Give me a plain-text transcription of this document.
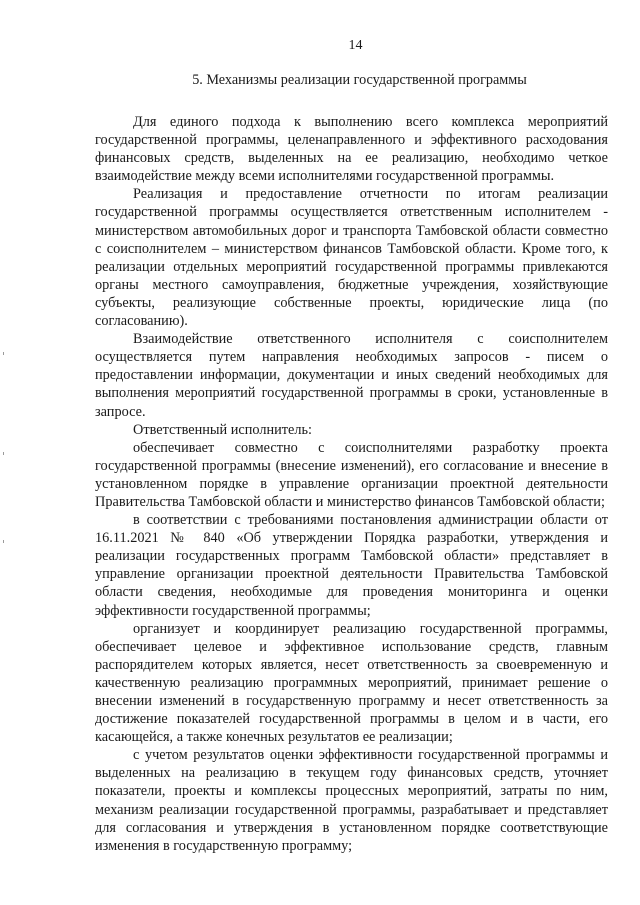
14
5. Механизмы реализации государственной программы

Для единого подхода к выполнению всего комплекса мероприятий государственной программы, целенаправленного и эффективного расходования финансовых средств, выделенных на ее реализацию, необходимо четкое взаимодействие между всеми исполнителями государственной программы.

Реализация и предоставление отчетности по итогам реализации государственной программы осуществляется ответственным исполнителем - министерством автомобильных дорог и транспорта Тамбовской области совместно с соисполнителем – министерством финансов Тамбовской области. Кроме того, к реализации отдельных мероприятий государственной программы привлекаются органы местного самоуправления, бюджетные учреждения, хозяйствующие субъекты, реализующие собственные проекты, юридические лица (по согласованию).

Взаимодействие ответственного исполнителя с соисполнителем осуществляется путем направления необходимых запросов - писем о предоставлении информации, документации и иных сведений необходимых для выполнения мероприятий государственной программы в сроки, установленные в запросе.

Ответственный исполнитель:

обеспечивает совместно с соисполнителями разработку проекта государственной программы (внесение изменений), его согласование и внесение в установленном порядке в управление организации проектной деятельности Правительства Тамбовской области и министерство финансов Тамбовской области;

в соответствии с требованиями постановления администрации области от 16.11.2021 № 840 «Об утверждении Порядка разработки, утверждения и реализации государственных программ Тамбовской области» представляет в управление организации проектной деятельности Правительства Тамбовской области сведения, необходимые для проведения мониторинга и оценки эффективности государственной программы;

организует и координирует реализацию государственной программы, обеспечивает целевое и эффективное использование средств, главным распорядителем которых является, несет ответственность за своевременную и качественную реализацию программных мероприятий, принимает решение о внесении изменений в государственную программу и несет ответственность за достижение показателей государственной программы в целом и в части, его касающейся, а также конечных результатов ее реализации;

с учетом результатов оценки эффективности государственной программы и выделенных на реализацию в текущем году финансовых средств, уточняет показатели, проекты и комплексы процессных мероприятий, затраты по ним, механизм реализации государственной программы, разрабатывает и представляет для согласования и утверждения в установленном порядке соответствующие изменения в государственную программу;
